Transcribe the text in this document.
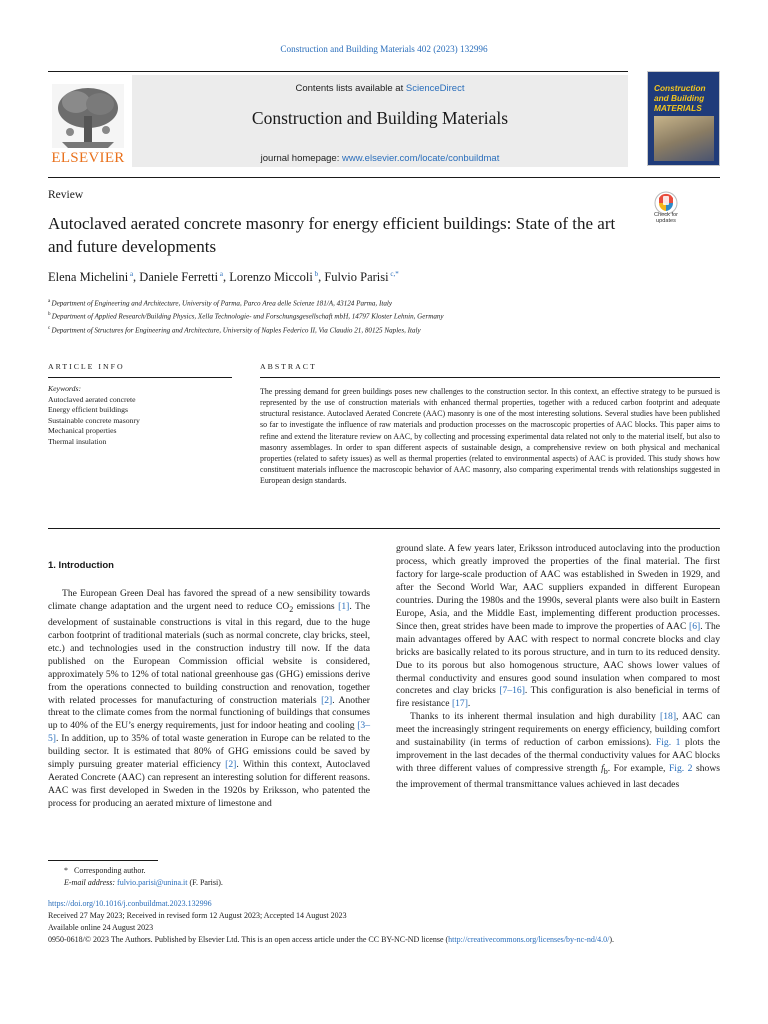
Construction and Building Materials 402 (2023) 132996
ELSEVIER
Contents lists available at ScienceDirect
Construction and Building Materials
journal homepage: www.elsevier.com/locate/conbuildmat
Construction
and Building
MATERIALS
Review
Autoclaved aerated concrete masonry for energy efficient buildings: State of the art and future developments
Check for
updates
Elena Michelini $^a$, Daniele Ferretti $^a$, Lorenzo Miccoli $^b$, Fulvio Parisi $^{c,*}$
$^a$ Department of Engineering and Architecture, University of Parma, Parco Area delle Scienze 181/A, 43124 Parma, Italy
$^b$ Department of Applied Research/Building Physics, Xella Technologie- und Forschungsgesellschaft mbH, 14797 Kloster Lehnin, Germany
$^c$ Department of Structures for Engineering and Architecture, University of Naples Federico II, Via Claudio 21, 80125 Naples, Italy
ARTICLE INFO	ABSTRACT
Keywords:
Autoclaved aerated concrete
Energy efficient buildings
Sustainable concrete masonry
Mechanical properties
Thermal insulation
The pressing demand for green buildings poses new challenges to the construction sector. In this context, an effective strategy to be pursued is represented by the use of construction materials with enhanced thermal properties, together with a reduced carbon footprint and adequate structural resistance. Autoclaved Aerated Concrete (AAC) masonry is one of the most interesting solutions. Several studies have been published so far to investigate the influence of raw materials and production processes on the macroscopic properties of AAC blocks. This paper aims to refine and extend the literature review on AAC, by collecting and processing experimental data related not only to the material itself, but also to masonry assemblages. In order to span different aspects of sustainable design, a comprehensive review on both physical and mechanical properties (related to safety issues) as well as thermal properties (related to environmental aspects) of AAC is provided. This study shows how constituent materials influence the macroscopic behavior of AAC masonry, also comparing experimental trends with relationships suggested in European design standards.
1. Introduction
The European Green Deal has favored the spread of a new sensibility towards climate change adaptation and the urgent need to reduce $CO_2$ emissions [1]. The development of sustainable constructions is vital in this regard, due to the huge carbon footprint of traditional materials (such as normal concrete, clay bricks, steel, etc.) and technologies used in the construction industry till now. If the data published on the European Commission official website is considered, approximately 5% to 12% of total national greenhouse gas (GHG) emissions derive from the operations connected to building construction and renovation, together with related processes for manufacturing of construction materials [2]. Another threat to the climate comes from the normal functioning of buildings that consumes up to 40% of the EU’s energy requirements, just for indoor heating and cooling [3–5]. In addition, up to 35% of total waste generation in Europe can be related to the building sector. It is estimated that 80% of GHG emissions could be saved by simply pursuing greater material efficiency [2]. Within this context, Autoclaved Aerated Concrete (AAC) can represent an interesting solution for different reasons. AAC was first developed in Sweden in the 1920s by Eriksson, who patented the process for producing an aerated mixture of limestone and

ground slate. A few years later, Eriksson introduced autoclaving into the production process, which greatly improved the properties of the final material. The first factory for large-scale production of AAC was established in Sweden in 1929, and after the Second World War, AAC suppliers expanded in different European countries. During the 1980s and the 1990s, several plants were also built in Eastern Europe, Asia, and the Middle East, implementing different production processes. Since then, great strides have been made to improve the properties of AAC [6]. The main advantages offered by AAC with respect to normal concrete blocks and clay bricks are basically related to its porous structure, and in turn to its reduced density. Due to its porous but also homogenous structure, AAC shows lower values of thermal conductivity and ensures good sound insulation when compared to most concretes and clay bricks [7–16]. This configuration is also beneficial in terms of fire resistance [17].

Thanks to its inherent thermal insulation and high durability [18], AAC can meet the increasingly stringent requirements on energy efficiency, building comfort and sustainability (in terms of reduction of carbon emissions). Fig. 1 plots the improvement in the last decades of the thermal conductivity values for AAC blocks with three different values of compressive strength $f_b$. For example, Fig. 2 shows the improvement of thermal transmittance values achieved in last decades

*   Corresponding author.
E-mail address: fulvio.parisi@unina.it (F. Parisi).
https://doi.org/10.1016/j.conbuildmat.2023.132996
Received 27 May 2023; Received in revised form 12 August 2023; Accepted 14 August 2023
Available online 24 August 2023
0950-0618/© 2023 The Authors. Published by Elsevier Ltd. This is an open access article under the CC BY-NC-ND license (http://creativecommons.org/licenses/by-nc-nd/4.0/).
